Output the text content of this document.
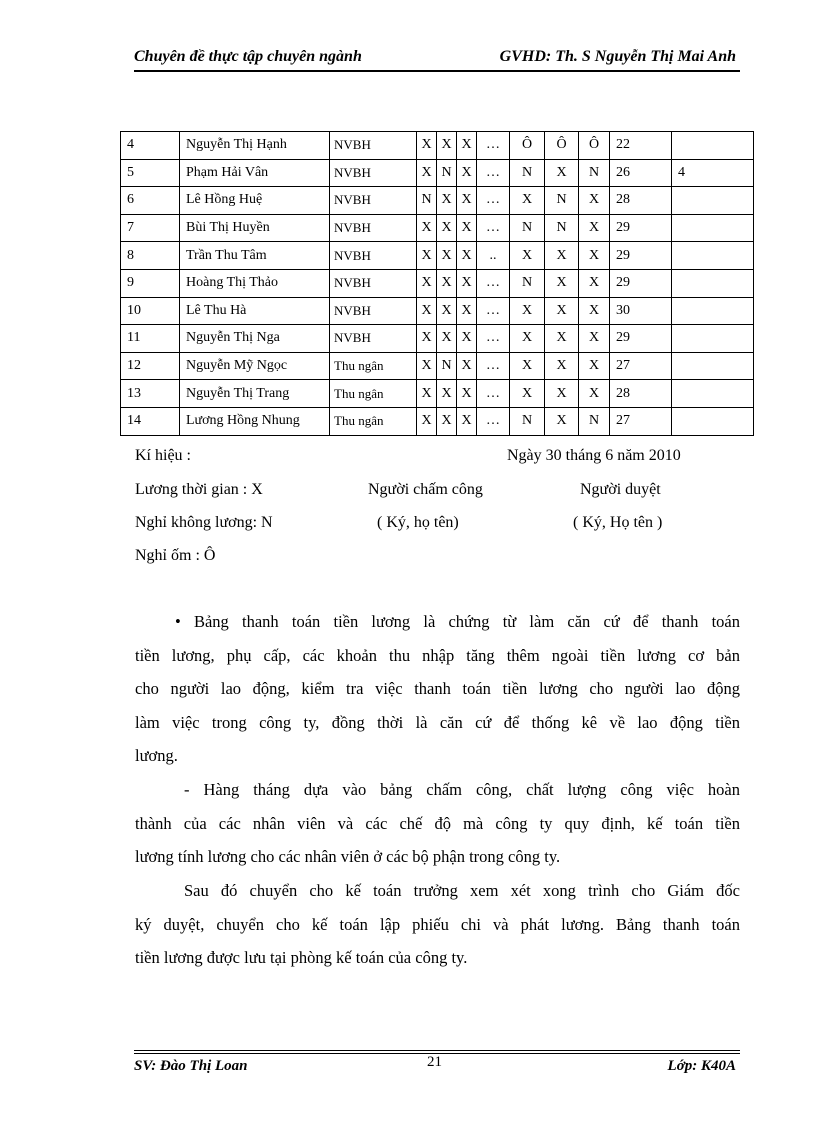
Chuyên đề thực tập chuyên ngành	GVHD: Th. S Nguyễn Thị Mai Anh
4	Nguyễn Thị Hạnh	NVBH	X	X	X	…	Ô	Ô	Ô	22	
5	Phạm Hải Vân	NVBH	X	N	X	…	N	X	N	26	4
6	Lê Hồng Huệ	NVBH	N	X	X	…	X	N	X	28	
7	Bùi Thị Huyền	NVBH	X	X	X	…	N	N	X	29	
8	Trần Thu Tâm	NVBH	X	X	X	..	X	X	X	29	
9	Hoàng Thị Thảo	NVBH	X	X	X	…	N	X	X	29	
10	Lê Thu Hà	NVBH	X	X	X	…	X	X	X	30	
11	Nguyễn Thị Nga	NVBH	X	X	X	…	X	X	X	29	
12	Nguyễn Mỹ Ngọc	Thu ngân	X	N	X	…	X	X	X	27	
13	Nguyễn Thị Trang	Thu ngân	X	X	X	…	X	X	X	28	
14	Lương Hồng Nhung	Thu ngân	X	X	X	…	N	X	N	27	
Kí hiệu :	Ngày 30 tháng 6 năm 2010
Lương thời gian : X	Người chấm công	Người duyệt
Nghỉ không lương: N	( Ký, họ tên)	( Ký, Họ tên )
Nghỉ ốm : Ô
• Bảng thanh toán tiền lương là chứng từ làm căn cứ để thanh toán
tiền lương, phụ cấp, các khoản thu nhập tăng thêm ngoài tiền lương cơ bản
cho người lao động, kiểm tra việc thanh toán tiền lương cho người lao động
làm việc trong công ty, đồng thời là căn cứ để thống kê về lao động tiền
lương.
- Hàng tháng dựa vào bảng chấm công, chất lượng công việc hoàn
thành của các nhân viên và các chế độ mà công ty quy định, kế toán tiền
lương tính lương cho các nhân viên ở các bộ phận trong công ty.
Sau đó chuyển cho kế toán trưởng xem xét xong trình cho Giám đốc
ký duyệt, chuyển cho kế toán lập phiếu chi và phát lương. Bảng thanh toán
tiền lương được lưu tại phòng kế toán của công ty.
SV: Đào Thị Loan	21	Lớp: K40A
